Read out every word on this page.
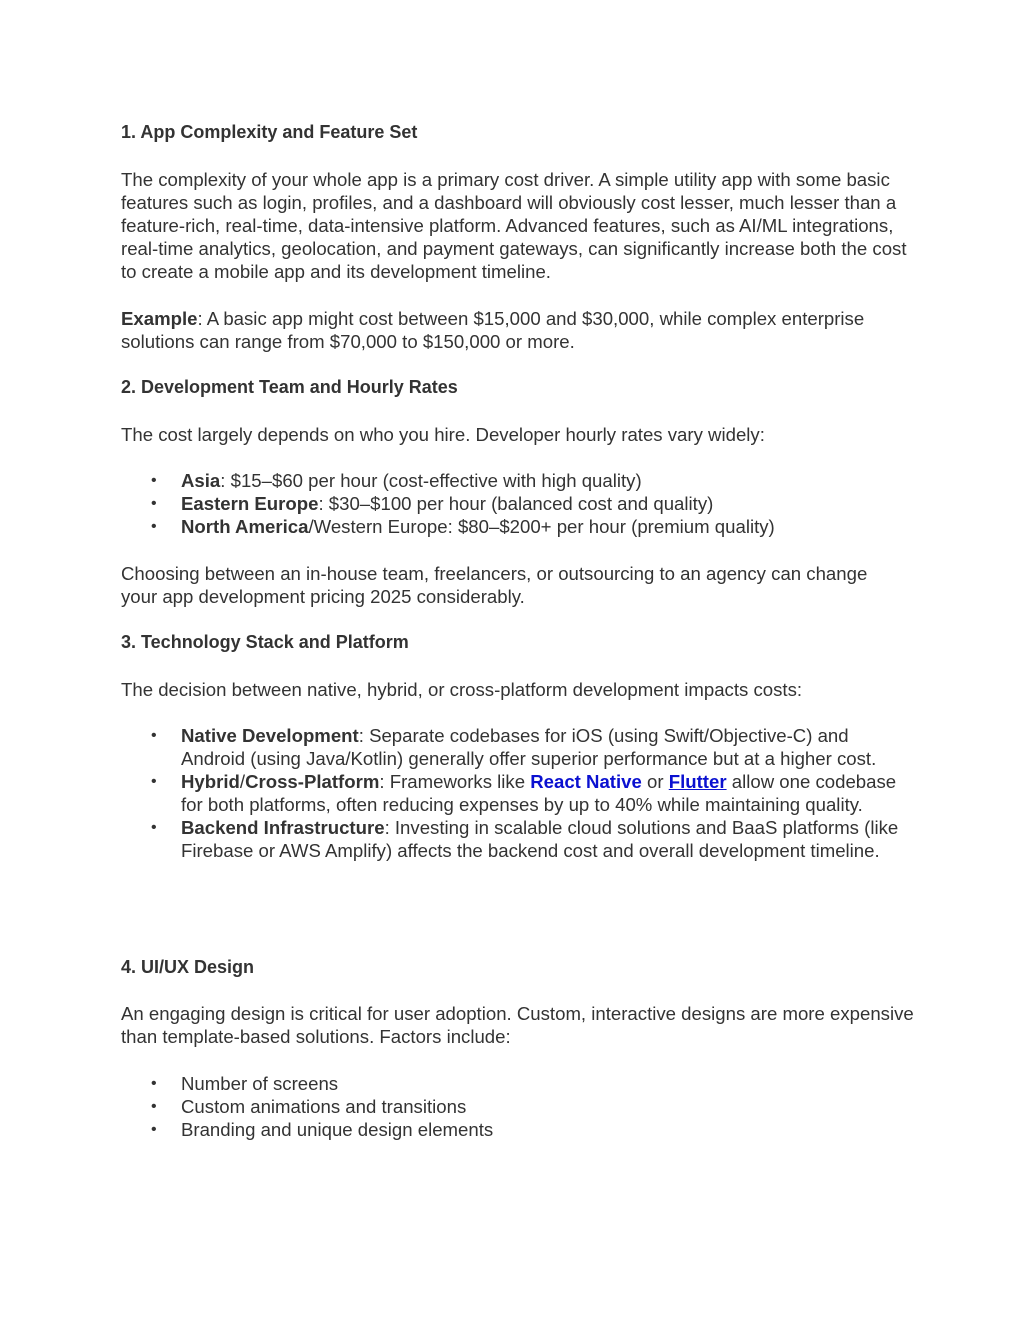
1. App Complexity and Feature Set

The complexity of your whole app is a primary cost driver. A simple utility app with some basic features such as login, profiles, and a dashboard will obviously cost lesser, much lesser than a feature-rich, real-time, data-intensive platform. Advanced features, such as AI/ML integrations, real-time analytics, geolocation, and payment gateways, can significantly increase both the cost to create a mobile app and its development timeline.

Example: A basic app might cost between $15,000 and $30,000, while complex enterprise solutions can range from $70,000 to $150,000 or more.

2. Development Team and Hourly Rates

The cost largely depends on who you hire. Developer hourly rates vary widely:

• Asia: $15–$60 per hour (cost-effective with high quality)
• Eastern Europe: $30–$100 per hour (balanced cost and quality)
• North America/Western Europe: $80–$200+ per hour (premium quality)

Choosing between an in-house team, freelancers, or outsourcing to an agency can change your app development pricing 2025 considerably.

3. Technology Stack and Platform

The decision between native, hybrid, or cross-platform development impacts costs:

• Native Development: Separate codebases for iOS (using Swift/Objective-C) and Android (using Java/Kotlin) generally offer superior performance but at a higher cost.
• Hybrid/Cross-Platform: Frameworks like React Native or Flutter allow one codebase for both platforms, often reducing expenses by up to 40% while maintaining quality.
• Backend Infrastructure: Investing in scalable cloud solutions and BaaS platforms (like Firebase or AWS Amplify) affects the backend cost and overall development timeline.
4. UI/UX Design

An engaging design is critical for user adoption. Custom, interactive designs are more expensive than template-based solutions. Factors include:

• Number of screens
• Custom animations and transitions
• Branding and unique design elements
